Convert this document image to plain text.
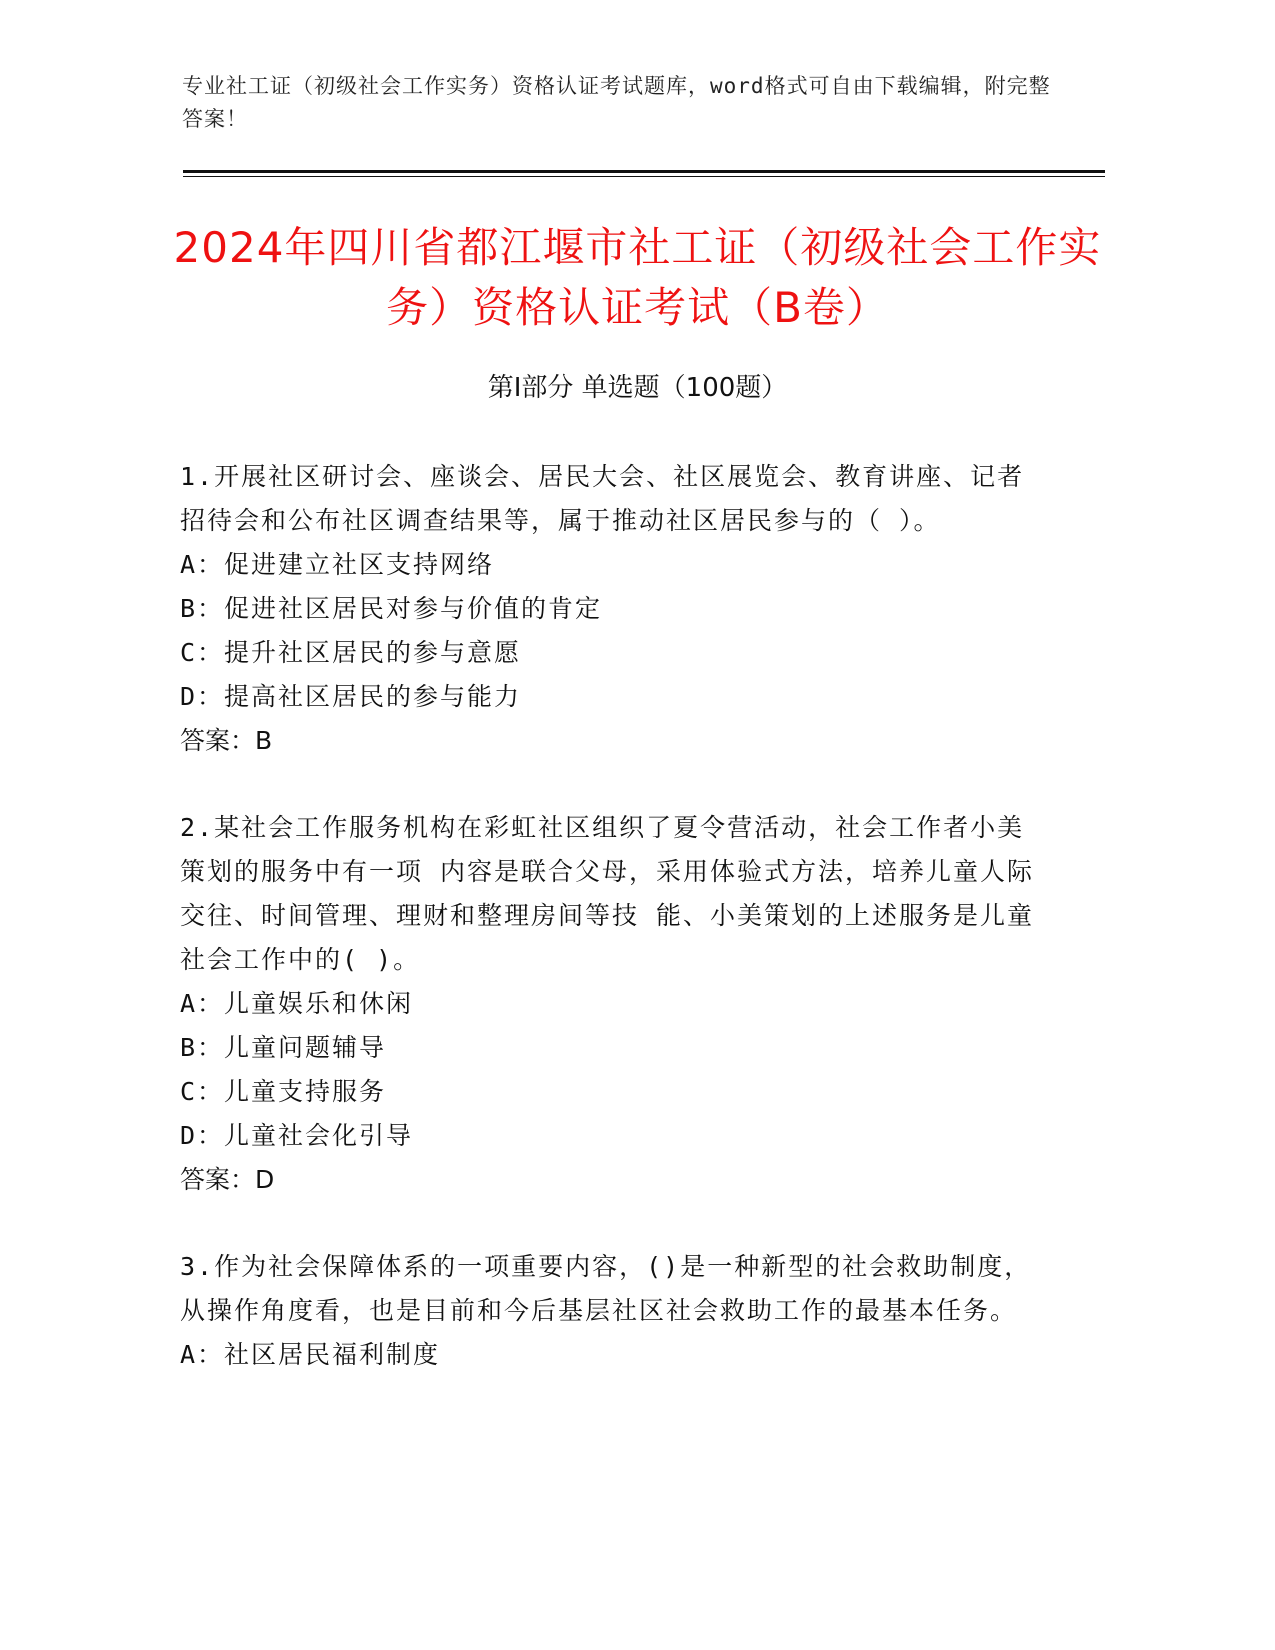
专业社工证（初级社会工作实务）资格认证考试题库，word格式可自由下载编辑，附完整答案！
2024年四川省都江堰市社工证（初级社会工作实务）资格认证考试（B卷）
第Ⅰ部分 单选题（100题）

1.开展社区研讨会、座谈会、居民大会、社区展览会、教育讲座、记者招待会和公布社区调查结果等，属于推动社区居民参与的（ ）。

A：促进建立社区支持网络

B：促进社区居民对参与价值的肯定

C：提升社区居民的参与意愿

D：提高社区居民的参与能力

答案：B

2.某社会工作服务机构在彩虹社区组织了夏令营活动，社会工作者小美策划的服务中有一项 内容是联合父母，采用体验式方法，培养儿童人际交往、时间管理、理财和整理房间等技 能、小美策划的上述服务是儿童社会工作中的( )。

A：儿童娱乐和休闲

B：儿童问题辅导

C：儿童支持服务

D：儿童社会化引导

答案：D

3.作为社会保障体系的一项重要内容，()是一种新型的社会救助制度，从操作角度看，也是目前和今后基层社区社会救助工作的最基本任务。

A：社区居民福利制度
